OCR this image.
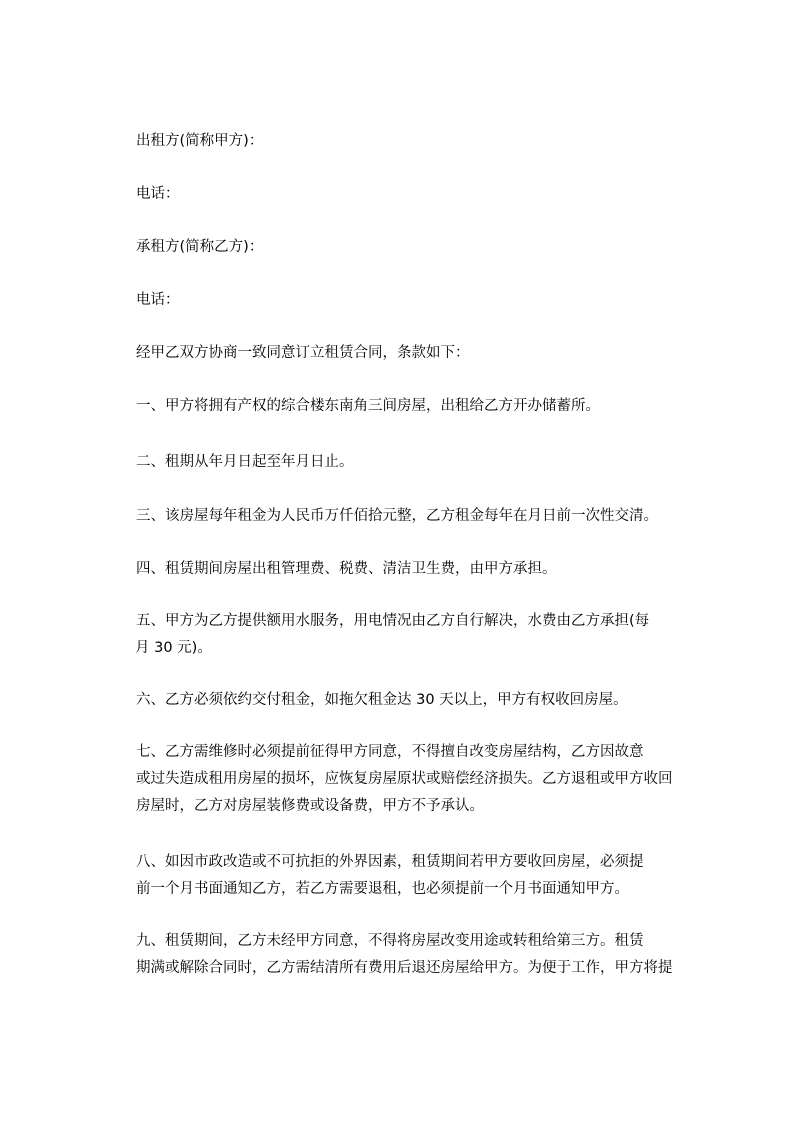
出租方(简称甲方)：

电话：

承租方(简称乙方)：

电话：

经甲乙双方协商一致同意订立租赁合同，条款如下：

一、甲方将拥有产权的综合楼东南角三间房屋，出租给乙方开办储蓄所。

二、租期从年月日起至年月日止。

三、该房屋每年租金为人民币万仟佰拾元整，乙方租金每年在月日前一次性交清。

四、租赁期间房屋出租管理费、税费、清洁卫生费，由甲方承担。

五、甲方为乙方提供额用水服务，用电情况由乙方自行解决，水费由乙方承担(每
月 30 元)。

六、乙方必须依约交付租金，如拖欠租金达 30 天以上，甲方有权收回房屋。

七、乙方需维修时必须提前征得甲方同意，不得擅自改变房屋结构，乙方因故意
或过失造成租用房屋的损坏，应恢复房屋原状或赔偿经济损失。乙方退租或甲方收回
房屋时，乙方对房屋装修费或设备费，甲方不予承认。
八、如因市政改造或不可抗拒的外界因素，租赁期间若甲方要收回房屋，必须提
前一个月书面通知乙方，若乙方需要退租，也必须提前一个月书面通知甲方。
九、租赁期间，乙方未经甲方同意，不得将房屋改变用途或转租给第三方。租赁
期满或解除合同时，乙方需结清所有费用后退还房屋给甲方。为便于工作，甲方将提
